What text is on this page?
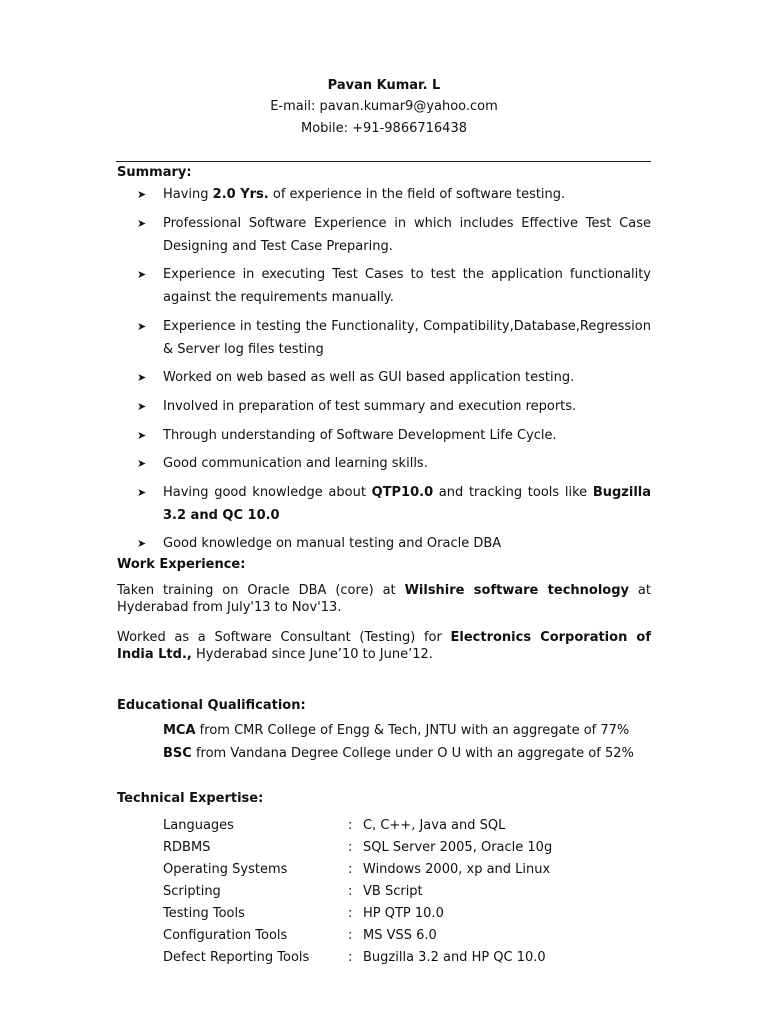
Pavan Kumar. L
E-mail: pavan.kumar9@yahoo.com
Mobile: +91-9866716438
Summary:
➤ Having 2.0 Yrs. of experience in the field of software testing.
➤ Professional Software Experience in which includes Effective Test Case Designing and Test Case Preparing.
➤ Experience in executing Test Cases to test the application functionality against the requirements manually.
➤ Experience in testing the Functionality, Compatibility,Database,Regression & Server log files testing
➤ Worked on web based as well as GUI based application testing.
➤ Involved in preparation of test summary and execution reports.
➤ Through understanding of Software Development Life Cycle.
➤ Good communication and learning skills.
➤ Having good knowledge about QTP10.0 and tracking tools like Bugzilla 3.2 and QC 10.0
➤ Good knowledge on manual testing and Oracle DBA
Work Experience:
Taken training on Oracle DBA (core) at Wilshire software technology at Hyderabad from July'13 to Nov'13.
Worked as a Software Consultant (Testing) for Electronics Corporation of India Ltd., Hyderabad since June’10 to June’12.
Educational Qualification:
MCA from CMR College of Engg & Tech, JNTU with an aggregate of 77%
BSC from Vandana Degree College under O U with an aggregate of 52%
Technical Expertise:
Languages	:	C, C++, Java and SQL
RDBMS	:	SQL Server 2005, Oracle 10g
Operating Systems	:	Windows 2000, xp and Linux
Scripting	:	VB Script
Testing Tools	:	HP QTP 10.0
Configuration Tools	:	MS VSS 6.0
Defect Reporting Tools	:	Bugzilla 3.2 and HP QC 10.0
